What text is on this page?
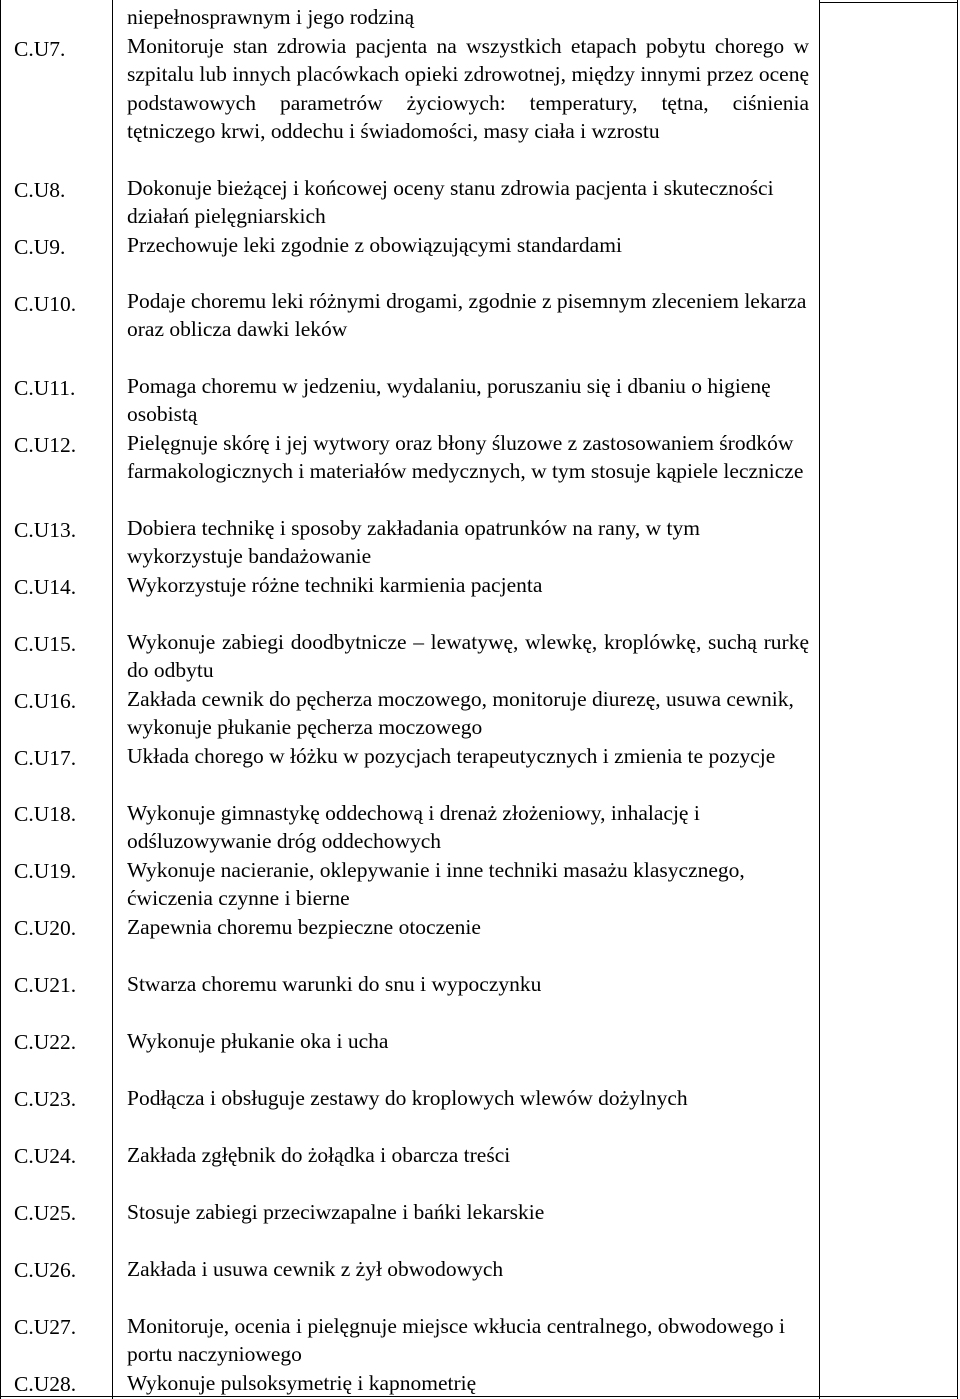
niepełnosprawnym i jego rodziną
C.U7.	Monitoruje stan zdrowia pacjenta na wszystkich etapach pobytu chorego w szpitalu lub innych placówkach opieki zdrowotnej, między innymi przez ocenę podstawowych parametrów życiowych: temperatury, tętna, ciśnienia tętniczego krwi, oddechu i świadomości, masy ciała i wzrostu
C.U8.	Dokonuje bieżącej i końcowej oceny stanu zdrowia pacjenta i skuteczności działań pielęgniarskich
C.U9.	Przechowuje leki zgodnie z obowiązującymi standardami
C.U10. Podaje choremu leki różnymi drogami, zgodnie z pisemnym zleceniem lekarza oraz oblicza dawki leków
C.U11. Pomaga choremu w jedzeniu, wydalaniu, poruszaniu się i dbaniu o higienę osobistą
C.U12. Pielęgnuje skórę i jej wytwory oraz błony śluzowe z zastosowaniem środków farmakologicznych i materiałów medycznych, w tym stosuje kąpiele lecznicze
C.U13. Dobiera technikę i sposoby zakładania opatrunków na rany, w tym wykorzystuje bandażowanie
C.U14. Wykorzystuje różne techniki karmienia pacjenta
C.U15. Wykonuje zabiegi doodbytnicze – lewatywę, wlewkę, kroplówkę, suchą rurkę do odbytu
C.U16. Zakłada cewnik do pęcherza moczowego, monitoruje diurezę, usuwa cewnik, wykonuje płukanie pęcherza moczowego
C.U17. Układa chorego w łóżku w pozycjach terapeutycznych i zmienia te pozycje
C.U18. Wykonuje gimnastykę oddechową i drenaż złożeniowy, inhalację i odśluzowywanie dróg oddechowych
C.U19. Wykonuje nacieranie, oklepywanie i inne techniki masażu klasycznego, ćwiczenia czynne i bierne
C.U20. Zapewnia choremu bezpieczne otoczenie
C.U21. Stwarza choremu warunki do snu i wypoczynku
C.U22. Wykonuje płukanie oka i ucha
C.U23. Podłącza i obsługuje zestawy do kroplowych wlewów dożylnych
C.U24. Zakłada zgłębnik do żołądka i obarcza treści
C.U25. Stosuje zabiegi przeciwzapalne i bańki lekarskie
C.U26. Zakłada i usuwa cewnik z żył obwodowych
C.U27. Monitoruje, ocenia i pielęgnuje miejsce wkłucia centralnego, obwodowego i portu naczyniowego
C.U28. Wykonuje pulsoksymetrię i kapnometrię
